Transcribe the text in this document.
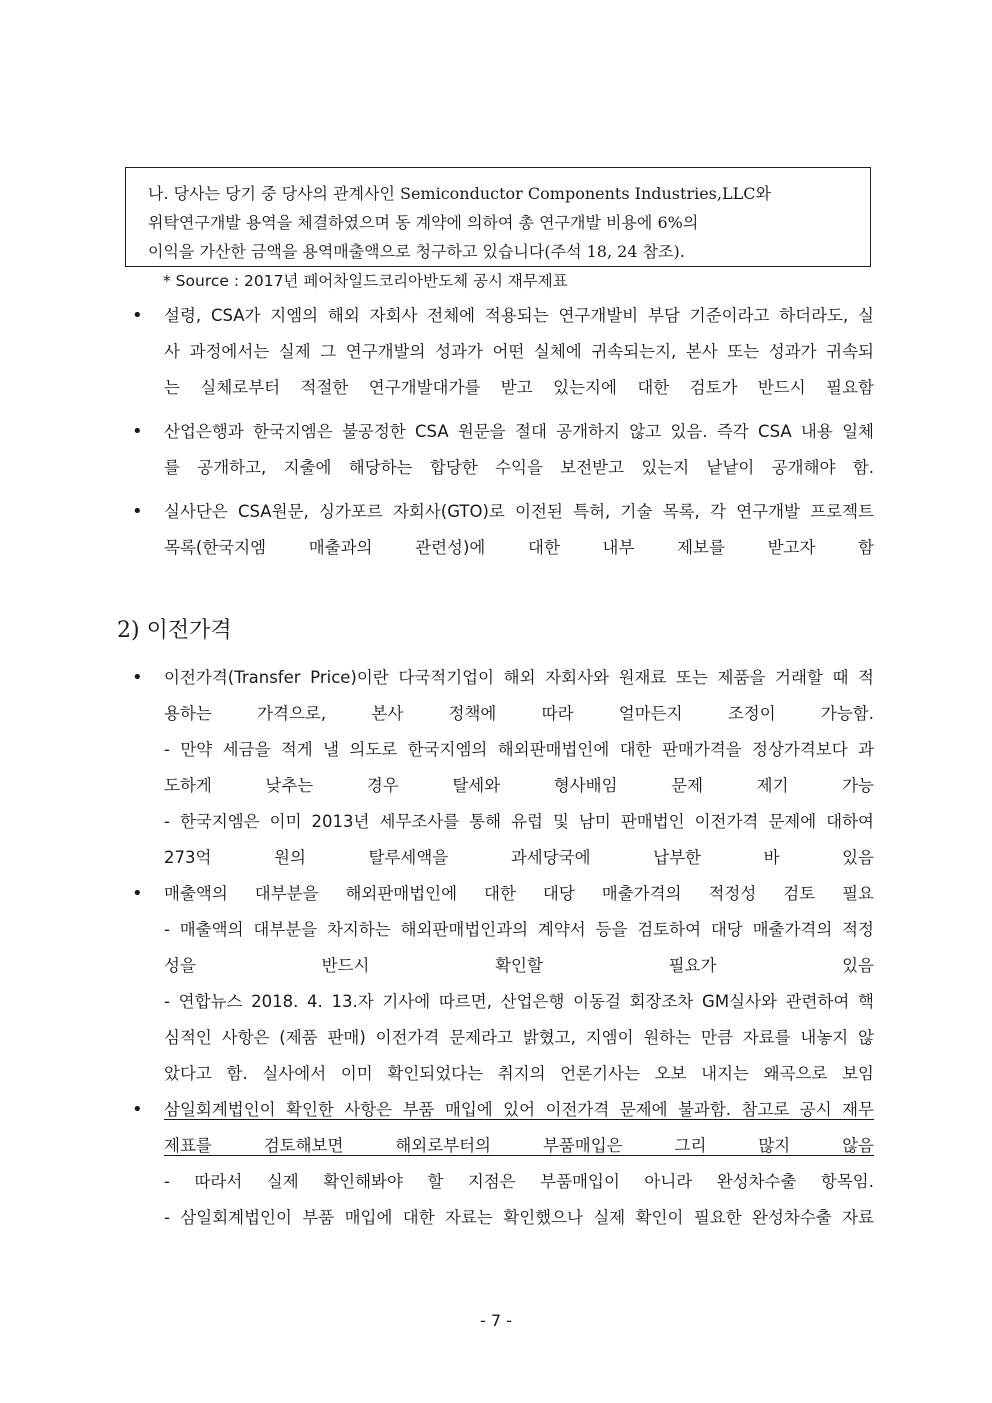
나. 당사는 당기 중 당사의 관계사인 Semiconductor Components Industries,LLC와
위탁연구개발 용역을 체결하였으며 동 계약에 의하여 총 연구개발 비용에 6%의
이익을 가산한 금액을 용역매출액으로 청구하고 있습니다(주석 18, 24 참조).
* Source : 2017년 페어차일드코리아반도체 공시 재무제표
• 설령, CSA가 지엠의 해외 자회사 전체에 적용되는 연구개발비 부담 기준이라고 하더라도, 실
사 과정에서는 실제 그 연구개발의 성과가 어떤 실체에 귀속되는지, 본사 또는 성과가 귀속되
는 실체로부터 적절한 연구개발대가를 받고 있는지에 대한 검토가 반드시 필요함
• 산업은행과 한국지엠은 불공정한 CSA 원문을 절대 공개하지 않고 있음. 즉각 CSA 내용 일체
를 공개하고, 지출에 해당하는 합당한 수익을 보전받고 있는지 낱낱이 공개해야 함.
• 실사단은 CSA원문, 싱가포르 자회사(GTO)로 이전된 특허, 기술 목록, 각 연구개발 프로젝트
목록(한국지엠 매출과의 관련성)에 대한 내부 제보를 받고자 함
2) 이전가격
• 이전가격(Transfer Price)이란 다국적기업이 해외 자회사와 원재료 또는 제품을 거래할 때 적
용하는 가격으로, 본사 정책에 따라 얼마든지 조정이 가능함.
- 만약 세금을 적게 낼 의도로 한국지엠의 해외판매법인에 대한 판매가격을 정상가격보다 과
도하게 낮추는 경우 탈세와 형사배임 문제 제기 가능
- 한국지엠은 이미 2013년 세무조사를 통해 유럽 및 남미 판매법인 이전가격 문제에 대하여
273억 원의 탈루세액을 과세당국에 납부한 바 있음
• 매출액의 대부분을 해외판매법인에 대한 대당 매출가격의 적정성 검토 필요
- 매출액의 대부분을 차지하는 해외판매법인과의 계약서 등을 검토하여 대당 매출가격의 적정
성을 반드시 확인할 필요가 있음
- 연합뉴스 2018. 4. 13.자 기사에 따르면, 산업은행 이동걸 회장조차 GM실사와 관련하여 핵
심적인 사항은 (제품 판매) 이전가격 문제라고 밝혔고, 지엠이 원하는 만큼 자료를 내놓지 않
았다고 함. 실사에서 이미 확인되었다는 취지의 언론기사는 오보 내지는 왜곡으로 보임
• 삼일회계법인이 확인한 사항은 부품 매입에 있어 이전가격 문제에 불과함. 참고로 공시 재무
제표를 검토해보면 해외로부터의 부품매입은 그리 많지 않음
- 따라서 실제 확인해봐야 할 지점은 부품매입이 아니라 완성차수출 항목임.
- 삼일회계법인이 부품 매입에 대한 자료는 확인했으나 실제 확인이 필요한 완성차수출 자료
- 7 -
